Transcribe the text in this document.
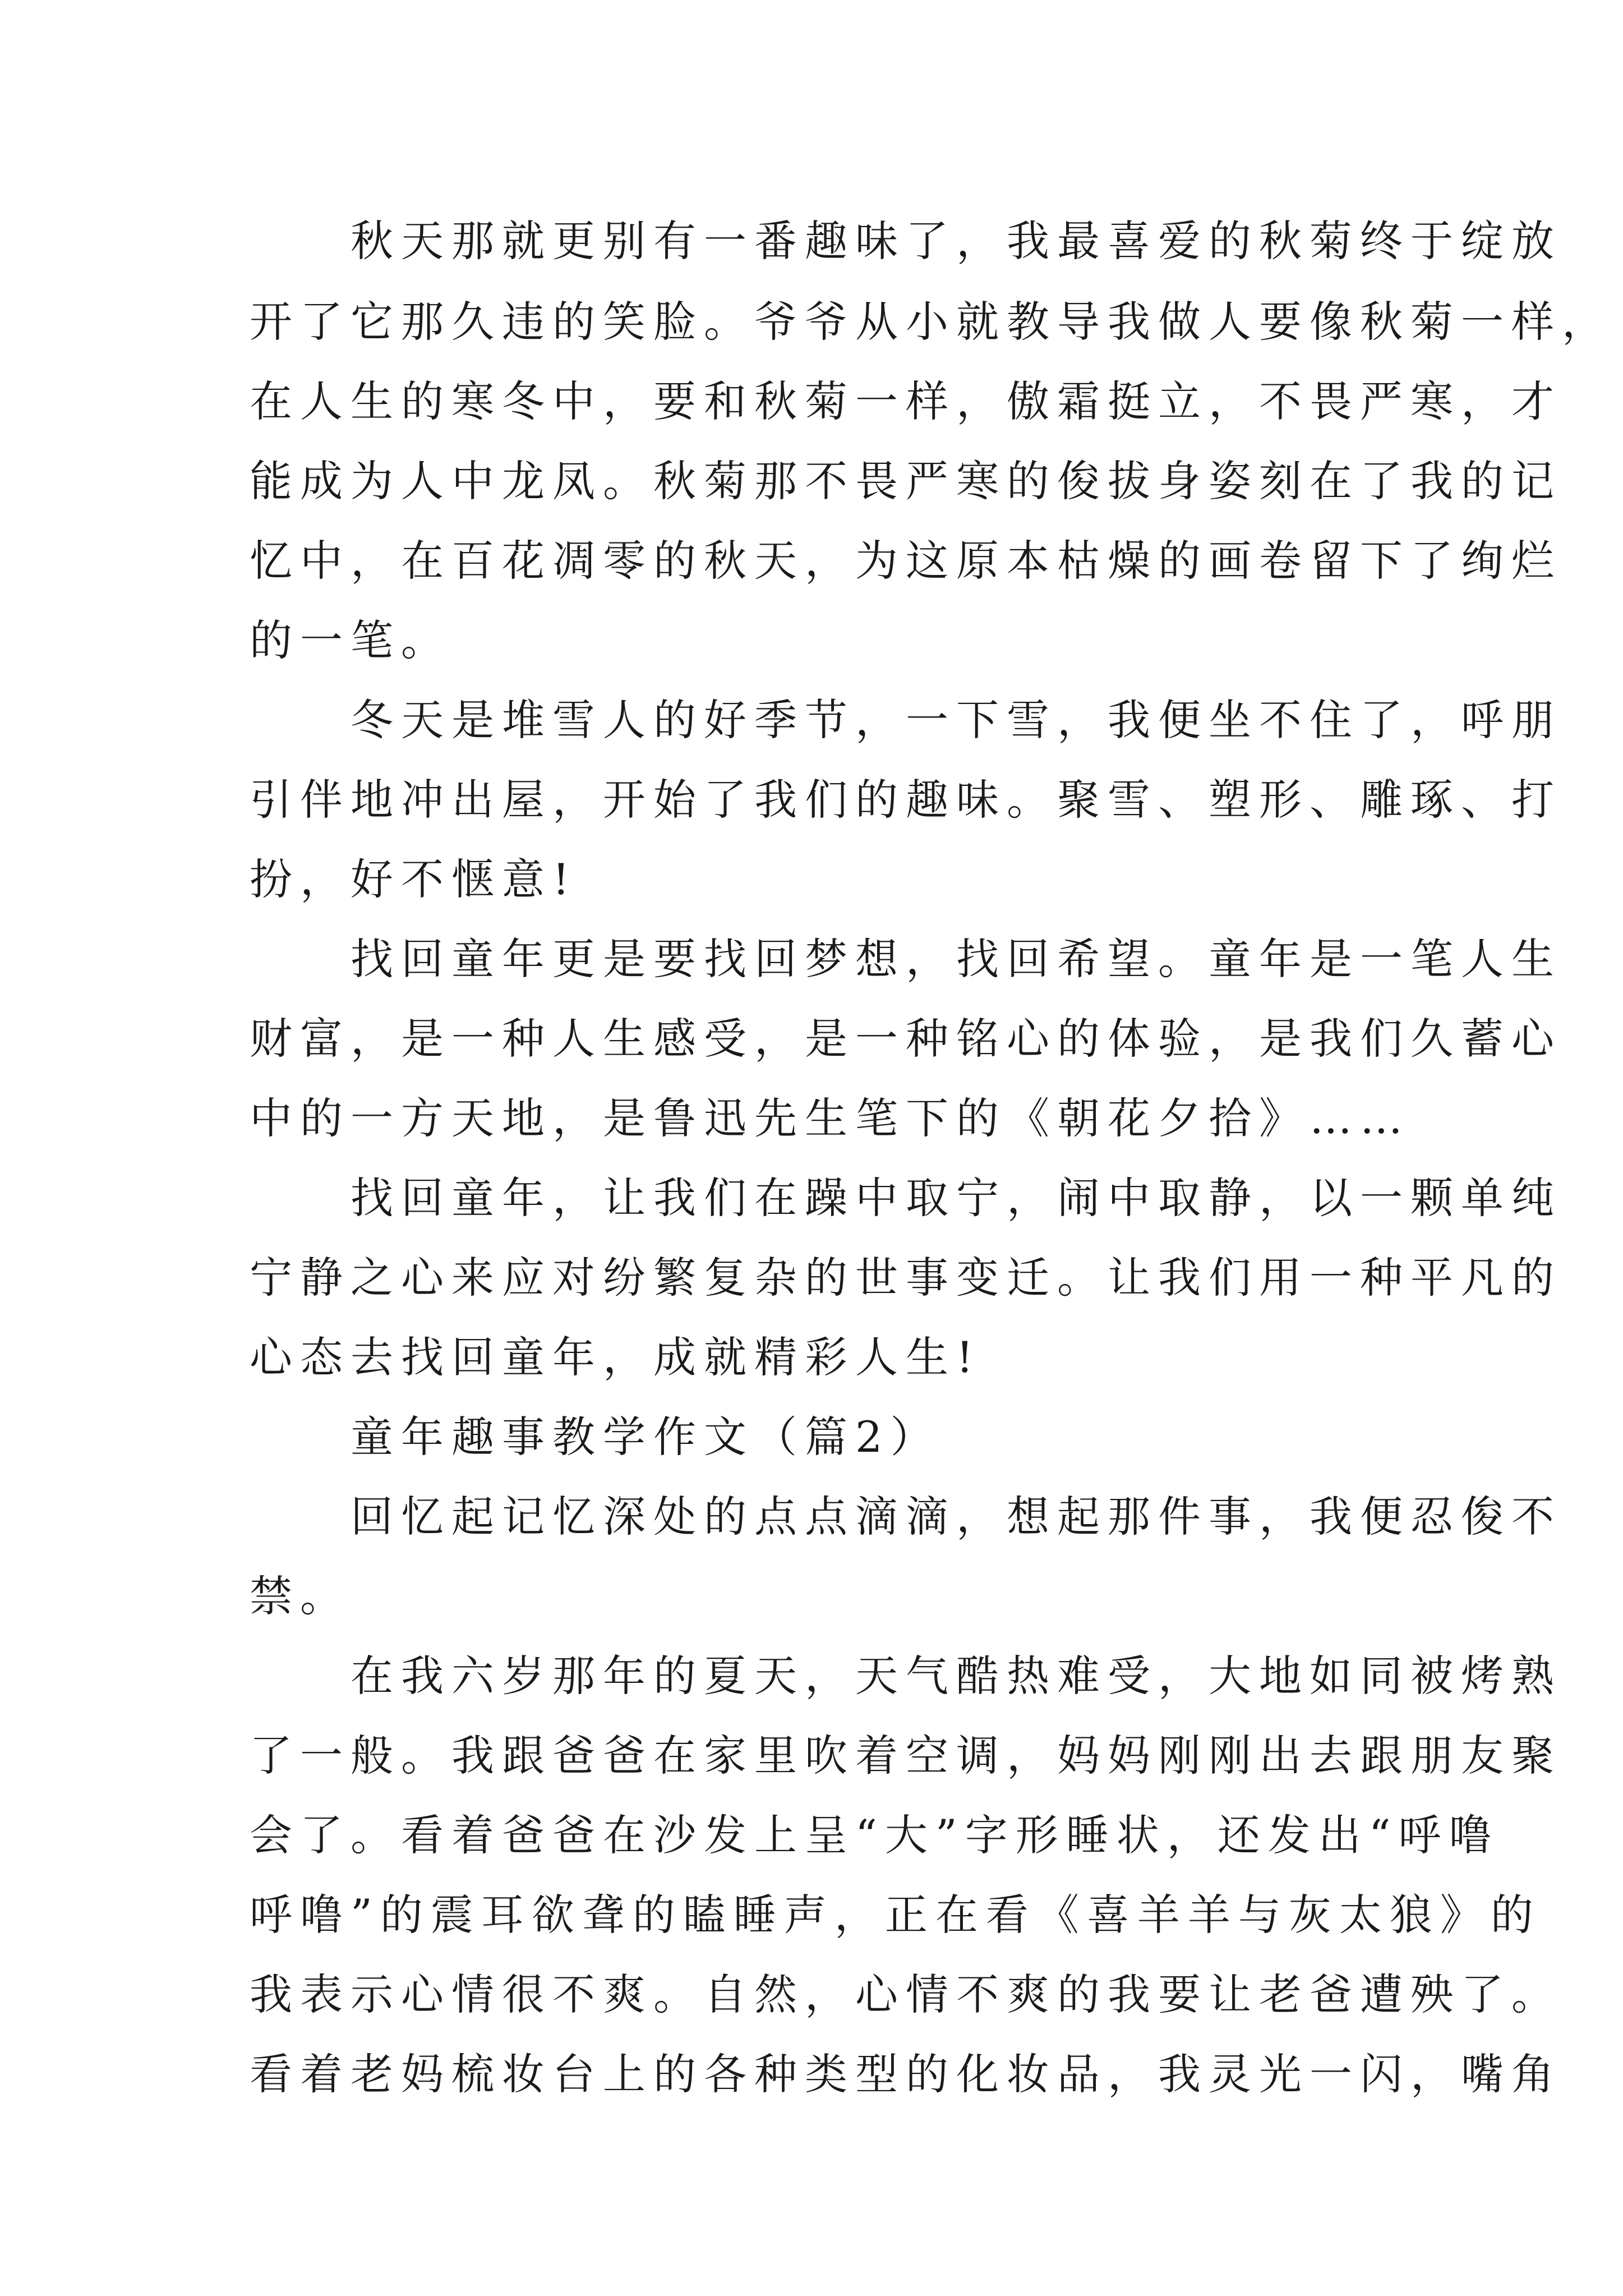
　　秋天那就更别有一番趣味了，我最喜爱的秋菊终于绽放
开了它那久违的笑脸。爷爷从小就教导我做人要像秋菊一样，
在人生的寒冬中，要和秋菊一样，傲霜挺立，不畏严寒，才
能成为人中龙凤。秋菊那不畏严寒的俊拔身姿刻在了我的记
忆中，在百花凋零的秋天，为这原本枯燥的画卷留下了绚烂
的一笔。
　　冬天是堆雪人的好季节，一下雪，我便坐不住了，呼朋
引伴地冲出屋，开始了我们的趣味。聚雪、塑形、雕琢、打
扮，好不惬意!
　　找回童年更是要找回梦想，找回希望。童年是一笔人生
财富，是一种人生感受，是一种铭心的体验，是我们久蓄心
中的一方天地，是鲁迅先生笔下的《朝花夕拾》……
　　找回童年，让我们在躁中取宁，闹中取静，以一颗单纯
宁静之心来应对纷繁复杂的世事变迁。让我们用一种平凡的
心态去找回童年，成就精彩人生!
　　童年趣事教学作文（篇2）
　　回忆起记忆深处的点点滴滴，想起那件事，我便忍俊不
禁。
　　在我六岁那年的夏天，天气酷热难受，大地如同被烤熟
了一般。我跟爸爸在家里吹着空调，妈妈刚刚出去跟朋友聚
会了。看着爸爸在沙发上呈“大”字形睡状，还发出“呼噜
呼噜”的震耳欲聋的瞌睡声，正在看《喜羊羊与灰太狼》的
我表示心情很不爽。自然，心情不爽的我要让老爸遭殃了。
看着老妈梳妆台上的各种类型的化妆品，我灵光一闪，嘴角
